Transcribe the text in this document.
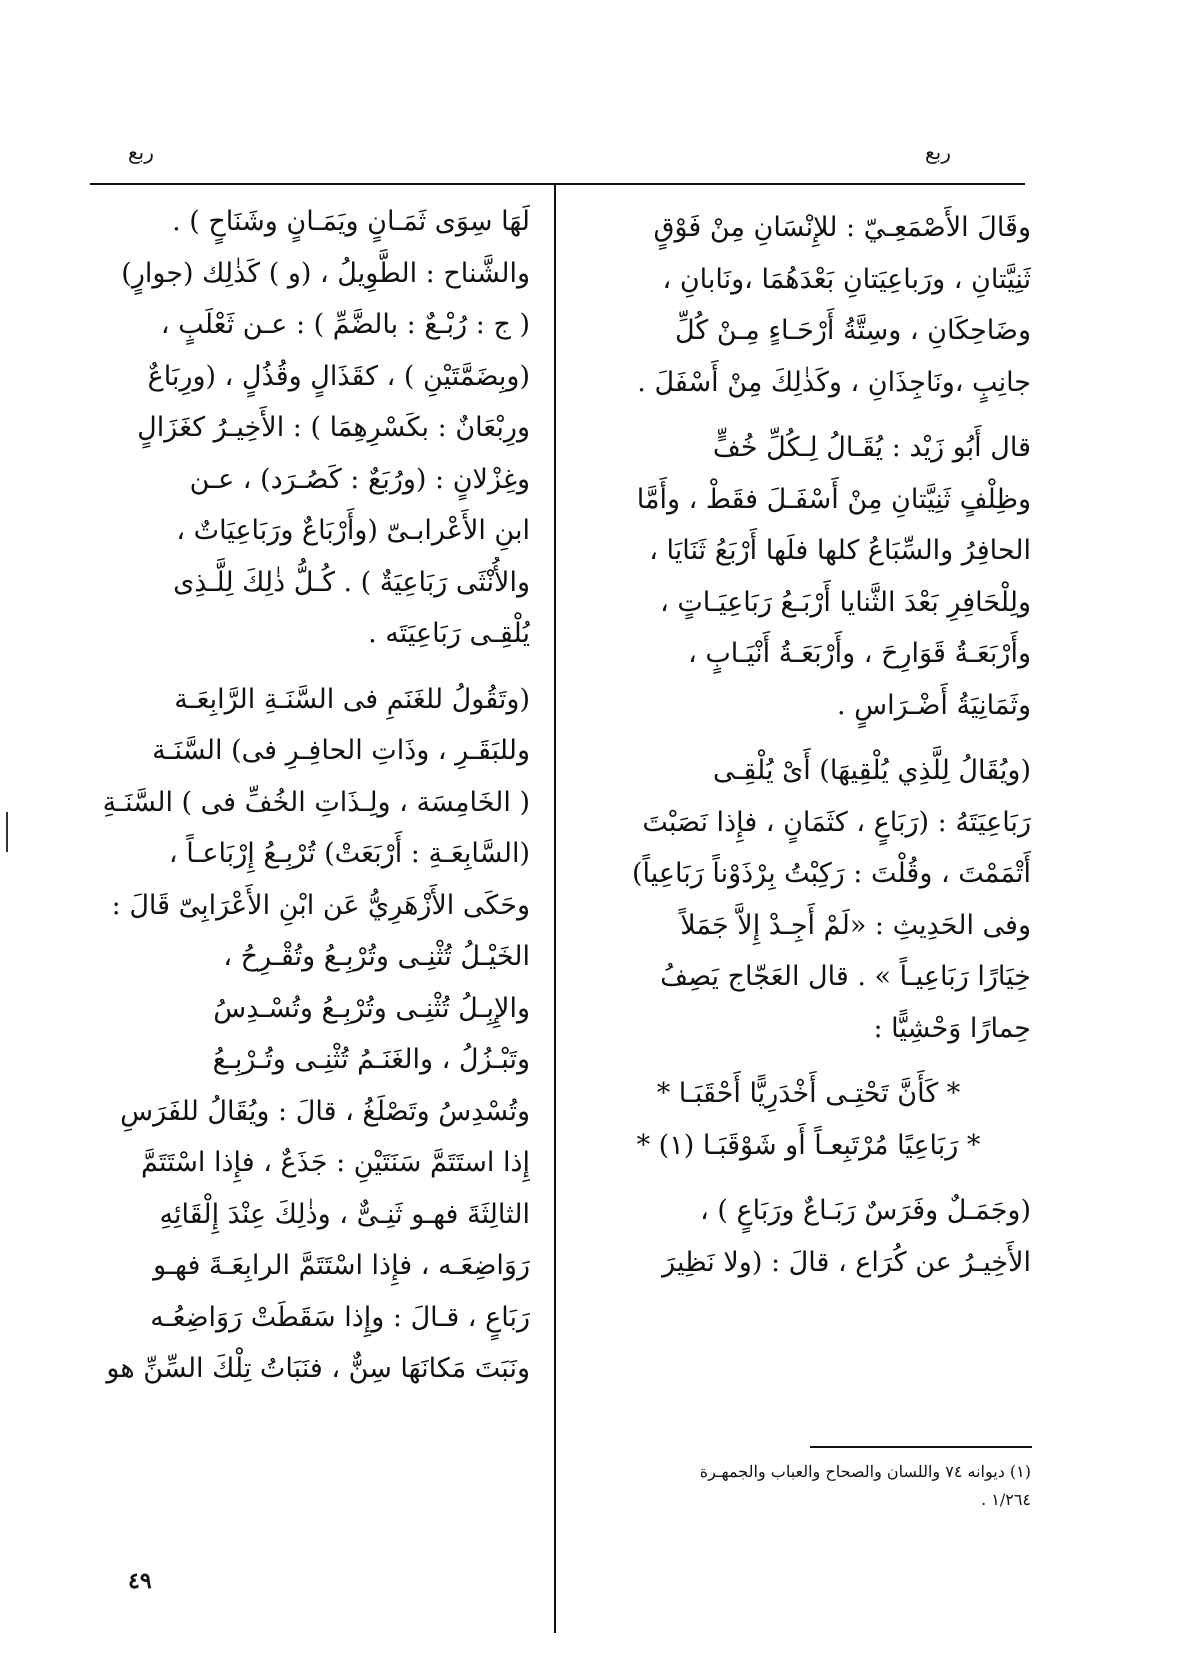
ربع
ربع

وقَالَ الأَصْمَعِـيّ : للإِنْسَانِ مِنْ فَوْقٍ

ثَنِيَّتانِ ، ورَباعِيَتانِ بَعْدَهُمَا ،ونَابانِ ،

وضَاحِكَانِ ، وسِتَّةُ أَرْحَـاءٍ مِـنْ كُلِّ

جانِبٍ ،ونَاجِذَانِ ، وكَذٰلِكَ مِنْ أَسْفَلَ .

قال أَبُو زَيْد : يُقَـالُ لِـكُلِّ خُفٍّ

وظِلْفٍ ثَنِيَّتانِ مِنْ أَسْفَـلَ فقَطْ ، وأَمَّا

الحافِرُ والسِّبَاعُ كلها فلَها أَرْبَعُ ثَنَايَا ،

ولِلْحَافِرِ بَعْدَ الثَّنايا أَرْبَـعُ رَبَاعِيَـاتٍ ،

وأَرْبَعَـةُ قَوَارِحَ ، وأَرْبَعَـةُ أَنْيَـابٍ ،

وثَمَانِيَةُ أَضْـرَاسٍ .

(ويُقَالُ لِلَّذِي يُلْقِيهَا) أَىْ يُلْقِـى

رَبَاعِيَتَهُ : (رَبَاعٍ ، كثَمَانٍ ، فإِذا نَصَبْتَ

أَتْمَمْتَ ، وقُلْتَ : رَكِبْتُ بِرْذَوْناً رَبَاعِياً)

وفى الحَدِيثِ : «لَمْ أَجِـدْ إِلاَّ جَمَلاً

خِيَارًا رَبَاعِيـاً » . قال العَجّاج يَصِفُ

حِمارًا وَحْشِيًّا :

* كَأَنَّ تَحْتِـى أَخْدَرِيًّا أَحْقَبَـا *

* رَبَاعِيًا مُرْتَبِعـاً أَو شَوْقَبَـا (١) *

(وجَمَـلٌ وفَرَسٌ رَبَـاعٌ ورَبَاعٍ ) ،

الأَخِيـرُ عن كُرَاع ، قالَ : (ولا نَظِيرَ

لَهَا سِوَى ثَمَـانٍ ويَمَـانٍ وشَنَاحٍ ) .

والشَّناح : الطَّوِيلُ ، (و ) كَذٰلِك (جوارٍ)

( ج : رُبْـعٌ : بالضَّمِّ ) : عـن ثَعْلَبٍ ،

(وبِضَمَّتَيْنِ ) ، كقَذَالٍ وقُذُلٍ ، (ورِبَاعٌ

ورِبْعَانٌ : بكَسْرِهِمَا ) : الأَخِيـرُ كغَزَالٍ

وغِزْلانٍ : (ورُبَعٌ : كَصُـرَد) ، عـن

ابنِ الأَعْرابـىّ (وأَرْبَاعٌ ورَبَاعِيَاتٌ ،

والأُنْثَى رَبَاعِيَةٌ ) . كُـلُّ ذٰلِكَ لِلَّـذِى

يُلْقِـى رَبَاعِيَتَه .

(وتَقُولُ للغَنَمِ فى السَّنَـةِ الرَّابِعَـة

وللبَقَـرِ ، وذَاتِ الحافِـرِ فى) السَّنَـة

( الخَامِسَة ، ولِـذَاتِ الخُفِّ فى ) السَّنَـةِ

(السَّابِعَـةِ : أَرْبَعَتْ) تُرْبِـعُ إِرْبَاعـاً ،

وحَكَى الأَزْهَرِيُّ عَن ابْنِ الأَعْرَابِىّ قَالَ :

الخَيْـلُ تُثْنِـى وتُرْبِـعُ وتُقْـرِحُ ،

والإِبِـلُ تُثْنِـى وتُرْبِـعُ وتُسْـدِسُ

وتَبْـزُلُ ، والغَنَـمُ تُثْنِـى وتُـرْبِـعُ

وتُسْدِسُ وتَصْلَغُ ، قالَ : ويُقَالُ للفَرَسِ

إِذا استَتَمَّ سَنَتَيْنِ : جَذَعٌ ، فإِذا اسْتَتَمَّ

الثالِثَةَ فهـو ثَنِـىٌّ ، وذٰلِكَ عِنْدَ إِلْقَائِهِ

رَوَاضِعَـه ، فإِذا اسْتَتَمَّ الرابِعَـةَ فهـو

رَبَاعٍ ، قـالَ : وإِذا سَقَطَتْ رَوَاضِعُـه

ونَبَتَ مَكانَهَا سِنٌّ ، فنَبَاتُ تِلْكَ السِّنِّ هو

(١) ديوانه ٧٤ واللسان والصحاح والعباب والجمهـرة

١/٢٦٤ .

٤٩
